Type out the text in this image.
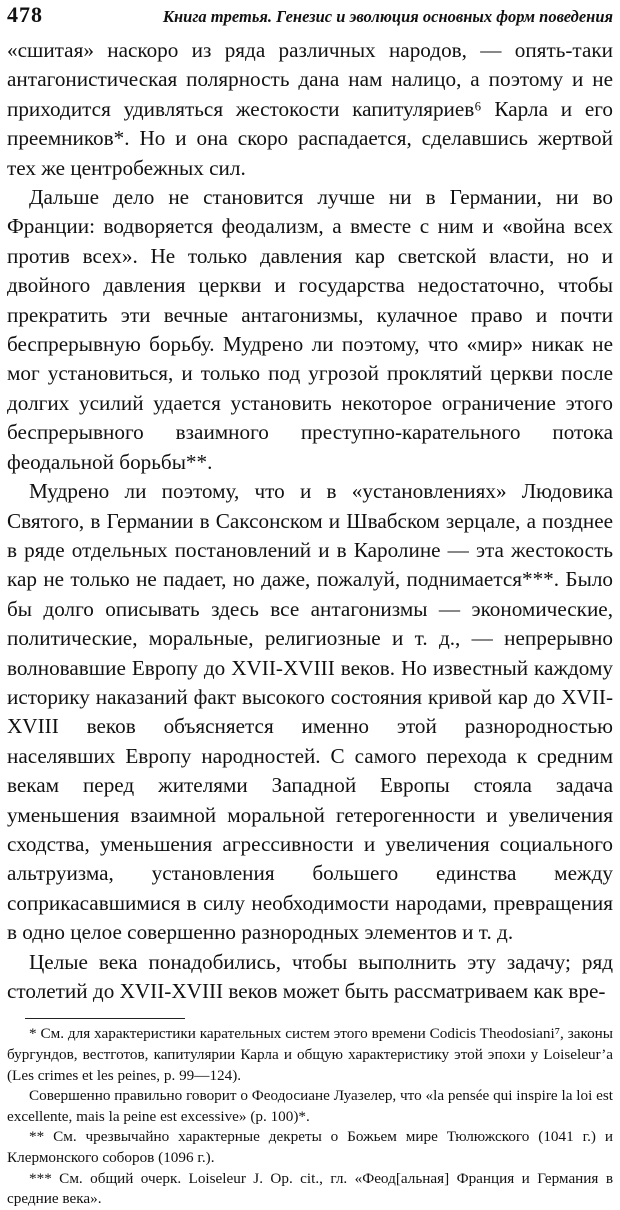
478	Книга третья. Генезис и эволюция основных форм поведения

«сшитая» наскоро из ряда различных народов, — опять-таки антагонистическая полярность дана нам налицо, а поэтому и не приходится удивляться жестокости капитуляриев⁶ Карла и его преемников*. Но и она скоро распадается, сделавшись жертвой тех же центробежных сил.

Дальше дело не становится лучше ни в Германии, ни во Франции: водворяется феодализм, а вместе с ним и «война всех против всех». Не только давления кар светской власти, но и двойного давления церкви и государства недостаточно, чтобы прекратить эти вечные антагонизмы, кулачное право и почти беспрерывную борьбу. Мудрено ли поэтому, что «мир» никак не мог установиться, и только под угрозой проклятий церкви после долгих усилий удается установить некоторое ограничение этого беспрерывного взаимного преступно-карательного потока феодальной борьбы**.

Мудрено ли поэтому, что и в «установлениях» Людовика Святого, в Германии в Саксонском и Швабском зерцале, а позднее в ряде отдельных постановлений и в Каролине — эта жестокость кар не только не падает, но даже, пожалуй, поднимается***. Было бы долго описывать здесь все антагонизмы — экономические, политические, моральные, религиозные и т. д., — непрерывно волновавшие Европу до XVII-XVIII веков. Но известный каждому историку наказаний факт высокого состояния кривой кар до XVII-XVIII веков объясняется именно этой разнородностью населявших Европу народностей. С самого перехода к средним векам перед жителями Западной Европы стояла задача уменьшения взаимной моральной гетерогенности и увеличения сходства, уменьшения агрессивности и увеличения социального альтруизма, установления большего единства между соприкасавшимися в силу необходимости народами, превращения в одно целое совершенно разнородных элементов и т. д.

Целые века понадобились, чтобы выполнить эту задачу; ряд столетий до XVII-XVIII веков может быть рассматриваем как вре-

* См. для характеристики карательных систем этого времени Codicis Theodosiani⁷, законы бургундов, вестготов, капитулярии Карла и общую характеристику этой эпохи у Loiseleur’a (Les crimes et les peines, p. 99—124).

Совершенно правильно говорит о Феодосиане Луазелер, что «la pensée qui inspire la loi est excellente, mais la peine est excessive» (p. 100)*.

** См. чрезвычайно характерные декреты о Божьем мире Тюлюжского (1041 г.) и Клермонского соборов (1096 г.).

*** См. общий очерк. Loiseleur J. Op. cit., гл. «Феод[альная] Франция и Германия в средние века».
